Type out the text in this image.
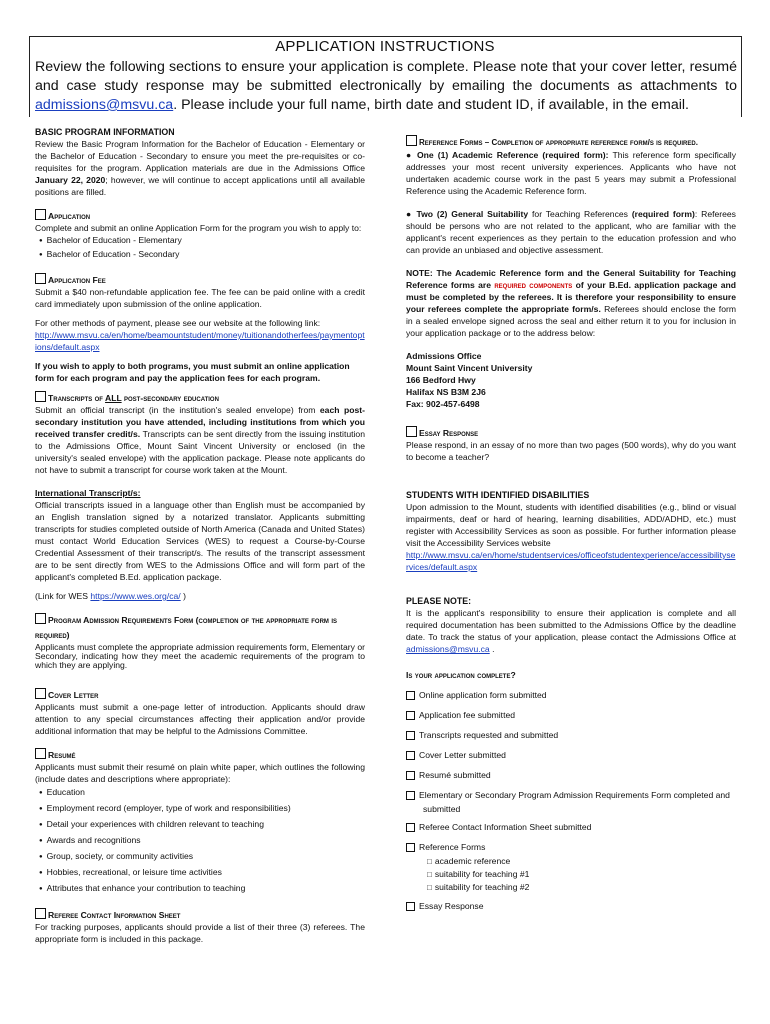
APPLICATION INSTRUCTIONS
Review the following sections to ensure your application is complete. Please note that your cover letter, resumé and case study response may be submitted electronically by emailing the documents as attachments to admissions@msvu.ca. Please include your full name, birth date and student ID, if available, in the email.

BASIC PROGRAM INFORMATION

Review the Basic Program Information for the Bachelor of Education - Elementary or the Bachelor of Education - Secondary to ensure you meet the pre-requisites or co-requisites for the program. Application materials are due in the Admissions Office January 22, 2020; however, we will continue to accept applications until all available positions are filled.

Application

Complete and submit an online Application Form for the program you wish to apply to:

● Bachelor of Education - Elementary
● Bachelor of Education - Secondary

Application Fee

Submit a $40 non-refundable application fee. The fee can be paid online with a credit card immediately upon submission of the online application.

For other methods of payment, please see our website at the following link:

http://www.msvu.ca/en/home/beamountstudent/money/tuitionandotherfees/paymentoptions/default.aspx

If you wish to apply to both programs, you must submit an online application form for each program and pay the application fees for each program.

Transcripts of ALL post-secondary education

Submit an official transcript (in the institution's sealed envelope) from each post-secondary institution you have attended, including institutions from which you received transfer credit/s. Transcripts can be sent directly from the issuing institution to the Admissions Office, Mount Saint Vincent University or enclosed (in the university's sealed envelope) with the application package. Please note applicants do not have to submit a transcript for course work taken at the Mount.

International Transcript/s:

Official transcripts issued in a language other than English must be accompanied by an English translation signed by a notarized translator. Applicants submitting transcripts for studies completed outside of North America (Canada and United States) must contact World Education Services (WES) to request a Course-by-Course Credential Assessment of their transcript/s. The results of the transcript assessment are to be sent directly from WES to the Admissions Office and will form part of the applicant's completed B.Ed. application package.

(Link for WES https://www.wes.org/ca/ )

Program Admission Requirements Form (completion of the appropriate form is required)

Applicants must complete the appropriate admission requirements form, Elementary or Secondary, indicating how they meet the academic requirements of the program to which they are applying.

Cover Letter

Applicants must submit a one-page letter of introduction. Applicants should draw attention to any special circumstances affecting their application and/or provide additional information that may be helpful to the Admissions Committee.

Resumé

Applicants must submit their resumé on plain white paper, which outlines the following (include dates and descriptions where appropriate):

● Education
● Employment record (employer, type of work and responsibilities)
● Detail your experiences with children relevant to teaching
● Awards and recognitions
● Group, society, or community activities
● Hobbies, recreational, or leisure time activities
● Attributes that enhance your contribution to teaching

Referee Contact Information Sheet

For tracking purposes, applicants should provide a list of their three (3) referees. The appropriate form is included in this package.

Reference Forms – Completion of appropriate reference form/s is required.

● One (1) Academic Reference (required form): This reference form specifically addresses your most recent university experiences. Applicants who have not undertaken academic course work in the past 5 years may submit a Professional Reference using the Academic Reference form.

● Two (2) General Suitability for Teaching References (required form): Referees should be persons who are not related to the applicant, who are familiar with the applicant's recent experiences as they pertain to the education profession and who can provide an unbiased and objective assessment.

NOTE: The Academic Reference form and the General Suitability for Teaching Reference forms are required components of your B.Ed. application package and must be completed by the referees. It is therefore your responsibility to ensure your referees complete the appropriate form/s. Referees should enclose the form in a sealed envelope signed across the seal and either return it to you for inclusion in your application package or to the address below:

Admissions Office

Mount Saint Vincent University

166 Bedford Hwy

Halifax NS B3M 2J6

Fax: 902-457-6498

Essay Response

Please respond, in an essay of no more than two pages (500 words), why do you want to become a teacher?

STUDENTS WITH IDENTIFIED DISABILITIES

Upon admission to the Mount, students with identified disabilities (e.g., blind or visual impairments, deaf or hard of hearing, learning disabilities, ADD/ADHD, etc.) must register with Accessibility Services as soon as possible. For further information please visit the Accessibility Services website

http://www.msvu.ca/en/home/studentservices/officeofstudentexperience/accessibilityservices/default.aspx

PLEASE NOTE:

It is the applicant's responsibility to ensure their application is complete and all required documentation has been submitted to the Admissions Office by the deadline date. To track the status of your application, please contact the Admissions Office at admissions@msvu.ca .

Is your application complete?

Online application form submitted
Application fee submitted
Transcripts requested and submitted
Cover Letter submitted
Resumé submitted
Elementary or Secondary Program Admission Requirements Form completed and submitted
Referee Contact Information Sheet submitted
Reference Forms
□ academic reference
□ suitability for teaching #1
□ suitability for teaching #2
Essay Response
